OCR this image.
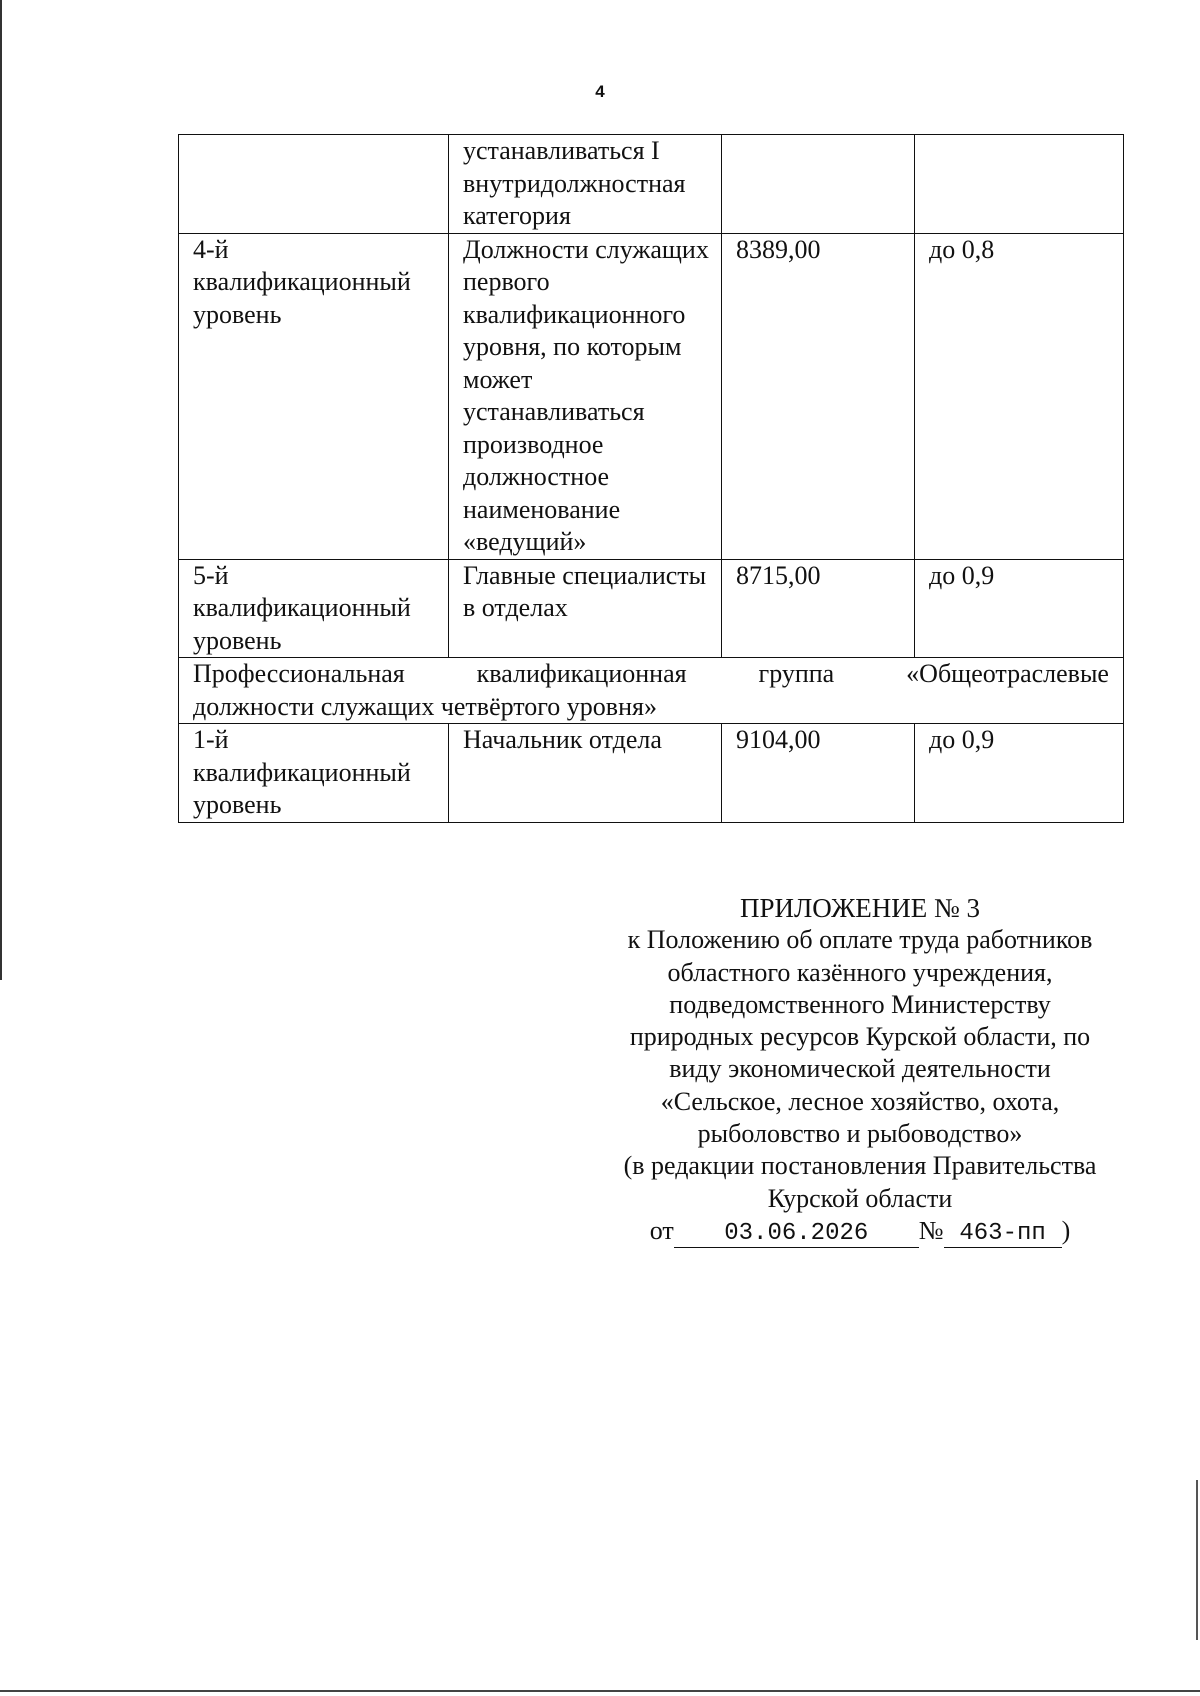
4
	устанавливаться I внутридолжностная категория		
4-й квалификационный уровень	Должности служащих первого квалификационного уровня, по которым может устанавливаться производное должностное наименование «ведущий»	8389,00	до 0,8
5-й квалификационный уровень	Главные специалисты в отделах	8715,00	до 0,9

Профессиональная квалификационная группа «Общеотраслевые
должности служащих четвёртого уровня»			

1-й квалификационный уровень	Начальник отдела	9104,00	до 0,9
ПРИЛОЖЕНИЕ № 3
к Положению об оплате труда работников
областного казённого учреждения,
подведомственного Министерству
природных ресурсов Курской области, по
виду экономической деятельности
«Сельское, лесное хозяйство, охота,
рыболовство и рыбоводство»
(в редакции постановления Правительства
Курской области
от 03.06.2026 № 463-пп )
